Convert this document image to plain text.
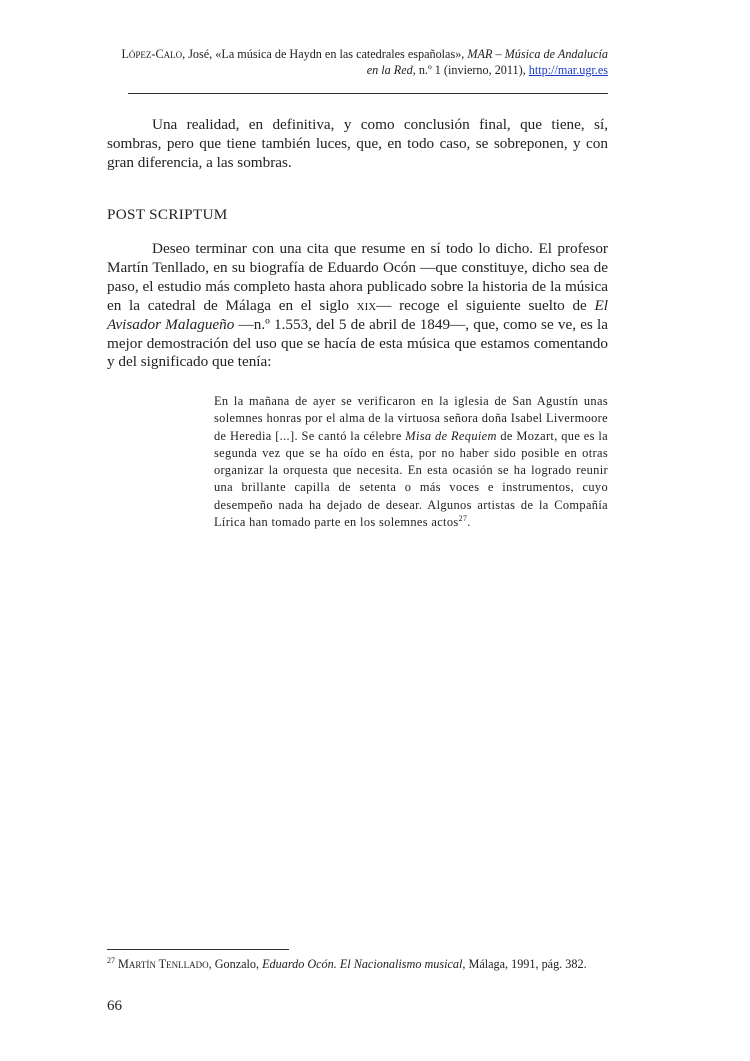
López-Calo, José, «La música de Haydn en las catedrales españolas», MAR – Música de Andalucía
en la Red, n.º 1 (invierno, 2011), http://mar.ugr.es

Una realidad, en definitiva, y como conclusión final, que tiene, sí, sombras, pero que tiene también luces, que, en todo caso, se sobreponen, y con gran diferencia, a las sombras.

POST SCRIPTUM

Deseo terminar con una cita que resume en sí todo lo dicho. El profesor Martín Tenllado, en su biografía de Eduardo Ocón —que constituye, dicho sea de paso, el estudio más completo hasta ahora publicado sobre la historia de la música en la catedral de Málaga en el siglo xix— recoge el siguiente suelto de El Avisador Malagueño —n.º 1.553, del 5 de abril de 1849—, que, como se ve, es la mejor demostración del uso que se hacía de esta música que estamos comentando y del significado que tenía:

En la mañana de ayer se verificaron en la iglesia de San Agustín unas solemnes honras por el alma de la virtuosa señora doña Isabel Livermoore de Heredia [...]. Se cantó la célebre Misa de Requiem de Mozart, que es la segunda vez que se ha oído en ésta, por no haber sido posible en otras organizar la orquesta que necesita. En esta ocasión se ha logrado reunir una brillante capilla de setenta o más voces e instrumentos, cuyo desempeño nada ha dejado de desear. Algunos artistas de la Compañía Lírica han tomado parte en los solemnes actos$^{27}$.

$^{27}$ Martín Tenllado, Gonzalo, Eduardo Ocón. El Nacionalismo musical, Málaga, 1991, pág. 382.

66
